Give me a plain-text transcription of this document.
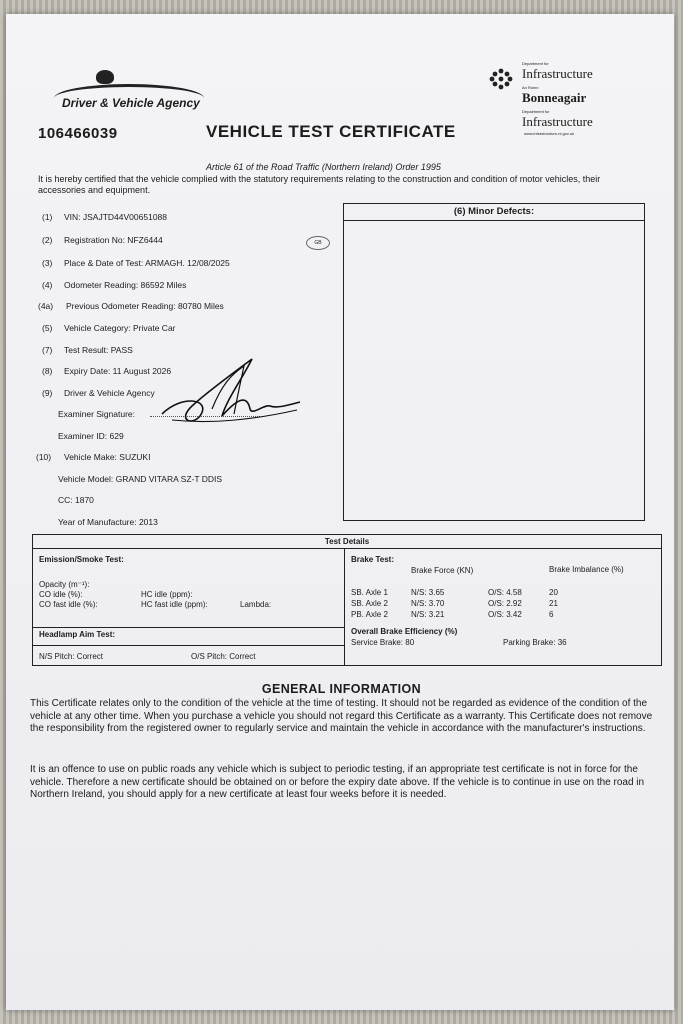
Driver & Vehicle Agency
106466039	VEHICLE TEST CERTIFICATE
Department for
Infrastructure
An Roinn
Bonneagair
Depairtment fur
Infrastructure
www.infrastructure-ni.gov.uk
Article 61 of the Road Traffic (Northern Ireland) Order 1995
It is hereby certified that the vehicle complied with the statutory requirements relating to the construction and condition of motor vehicles, their accessories and equipment.
(1) VIN: JSAJTD44V00651088
(2) Registration No: NFZ6444
(3) Place & Date of Test: ARMAGH. 12/08/2025
(4) Odometer Reading: 86592 Miles
(4a) Previous Odometer Reading: 80780 Miles
(5) Vehicle Category: Private Car
(7) Test Result: PASS
(8) Expiry Date: 11 August 2026
(9) Driver & Vehicle Agency
Examiner Signature:
Examiner ID: 629
(10) Vehicle Make: SUZUKI
Vehicle Model: GRAND VITARA SZ-T DDIS
CC: 1870
Year of Manufacture: 2013
GB
(6) Minor Defects:
Test Details
Emission/Smoke Test:
Opacity (m⁻¹):
CO idle (%):
CO fast idle (%):
HC idle (ppm):
HC fast idle (ppm):	Lambda:
Headlamp Aim Test:
N/S Pitch: Correct	O/S Pitch: Correct
Brake Test:
Brake Force (KN)	Brake Imbalance (%)
SB. Axle 1	N/S: 3.65	O/S: 4.58	20
SB. Axle 2	N/S: 3.70	O/S: 2.92	21
PB. Axle 2	N/S: 3.21	O/S: 3.42	6
Overall Brake Efficiency (%)
Service Brake: 80	Parking Brake: 36
GENERAL INFORMATION
This Certificate relates only to the condition of the vehicle at the time of testing. It should not be regarded as evidence of the condition of the vehicle at any other time. When you purchase a vehicle you should not regard this Certificate as a warranty. This Certificate does not remove the responsibility from the registered owner to regularly service and maintain the vehicle in accordance with the manufacturer's instructions.
It is an offence to use on public roads any vehicle which is subject to periodic testing, if an appropriate test certificate is not in force for the vehicle. Therefore a new certificate should be obtained on or before the expiry date above. If the vehicle is to continue in use on the road in Northern Ireland, you should apply for a new certificate at least four weeks before it is needed.
